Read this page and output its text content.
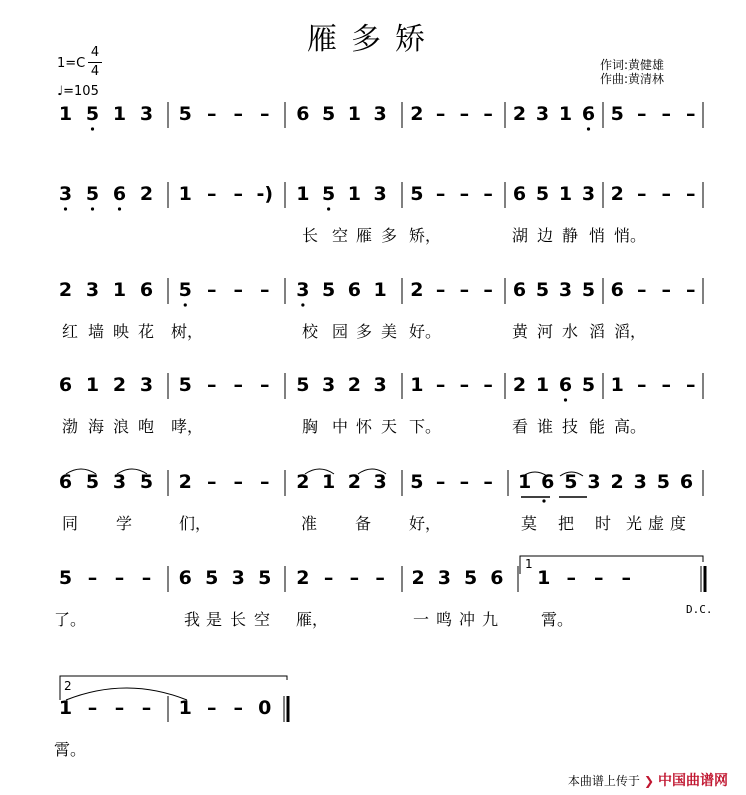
雁多矫
1=C
4
4
♩=105
作词:黄健雄
作曲:黄清林
1 5 1 3 5 – – – 6 5 1 3 2 – – – 2 3 1 6 5 – – –
3 5 6 2 1 – – -) 1 5 1 3 5 – – – 6 5 1 3 2 – – –
长 空 雁 多 矫，	湖 边 静 悄 悄。
2 3 1 6 5 – – – 3 5 6 1 2 – – – 6 5 3 5 6 – – –
红 墙 映 花 树，	校 园 多 美 好。	黄 河 水 滔 滔，
6 1 2 3 5 – – – 5 3 2 3 1 – – – 2 1 6 5 1 – – –
渤 海 浪 咆 哮，	胸 中 怀 天 下。	看 谁 技 能 高。
6 5 3 5 2 – – – 2 1 2 3 5 – – – 1 6 5 3 2 3 5 6
同 学	们，	准 备 好，	莫 把 时 光 虚 度
5 – – – 6 5 3 5 2 – – – 2 3 5 6 1 – – –
了。	我 是 长 空 雁，	一 鸣 冲 九	霄。
1 – – – 1 – – 0
霄。
1
2
D.C.
本曲谱上传于 ❯ 中国曲谱网
